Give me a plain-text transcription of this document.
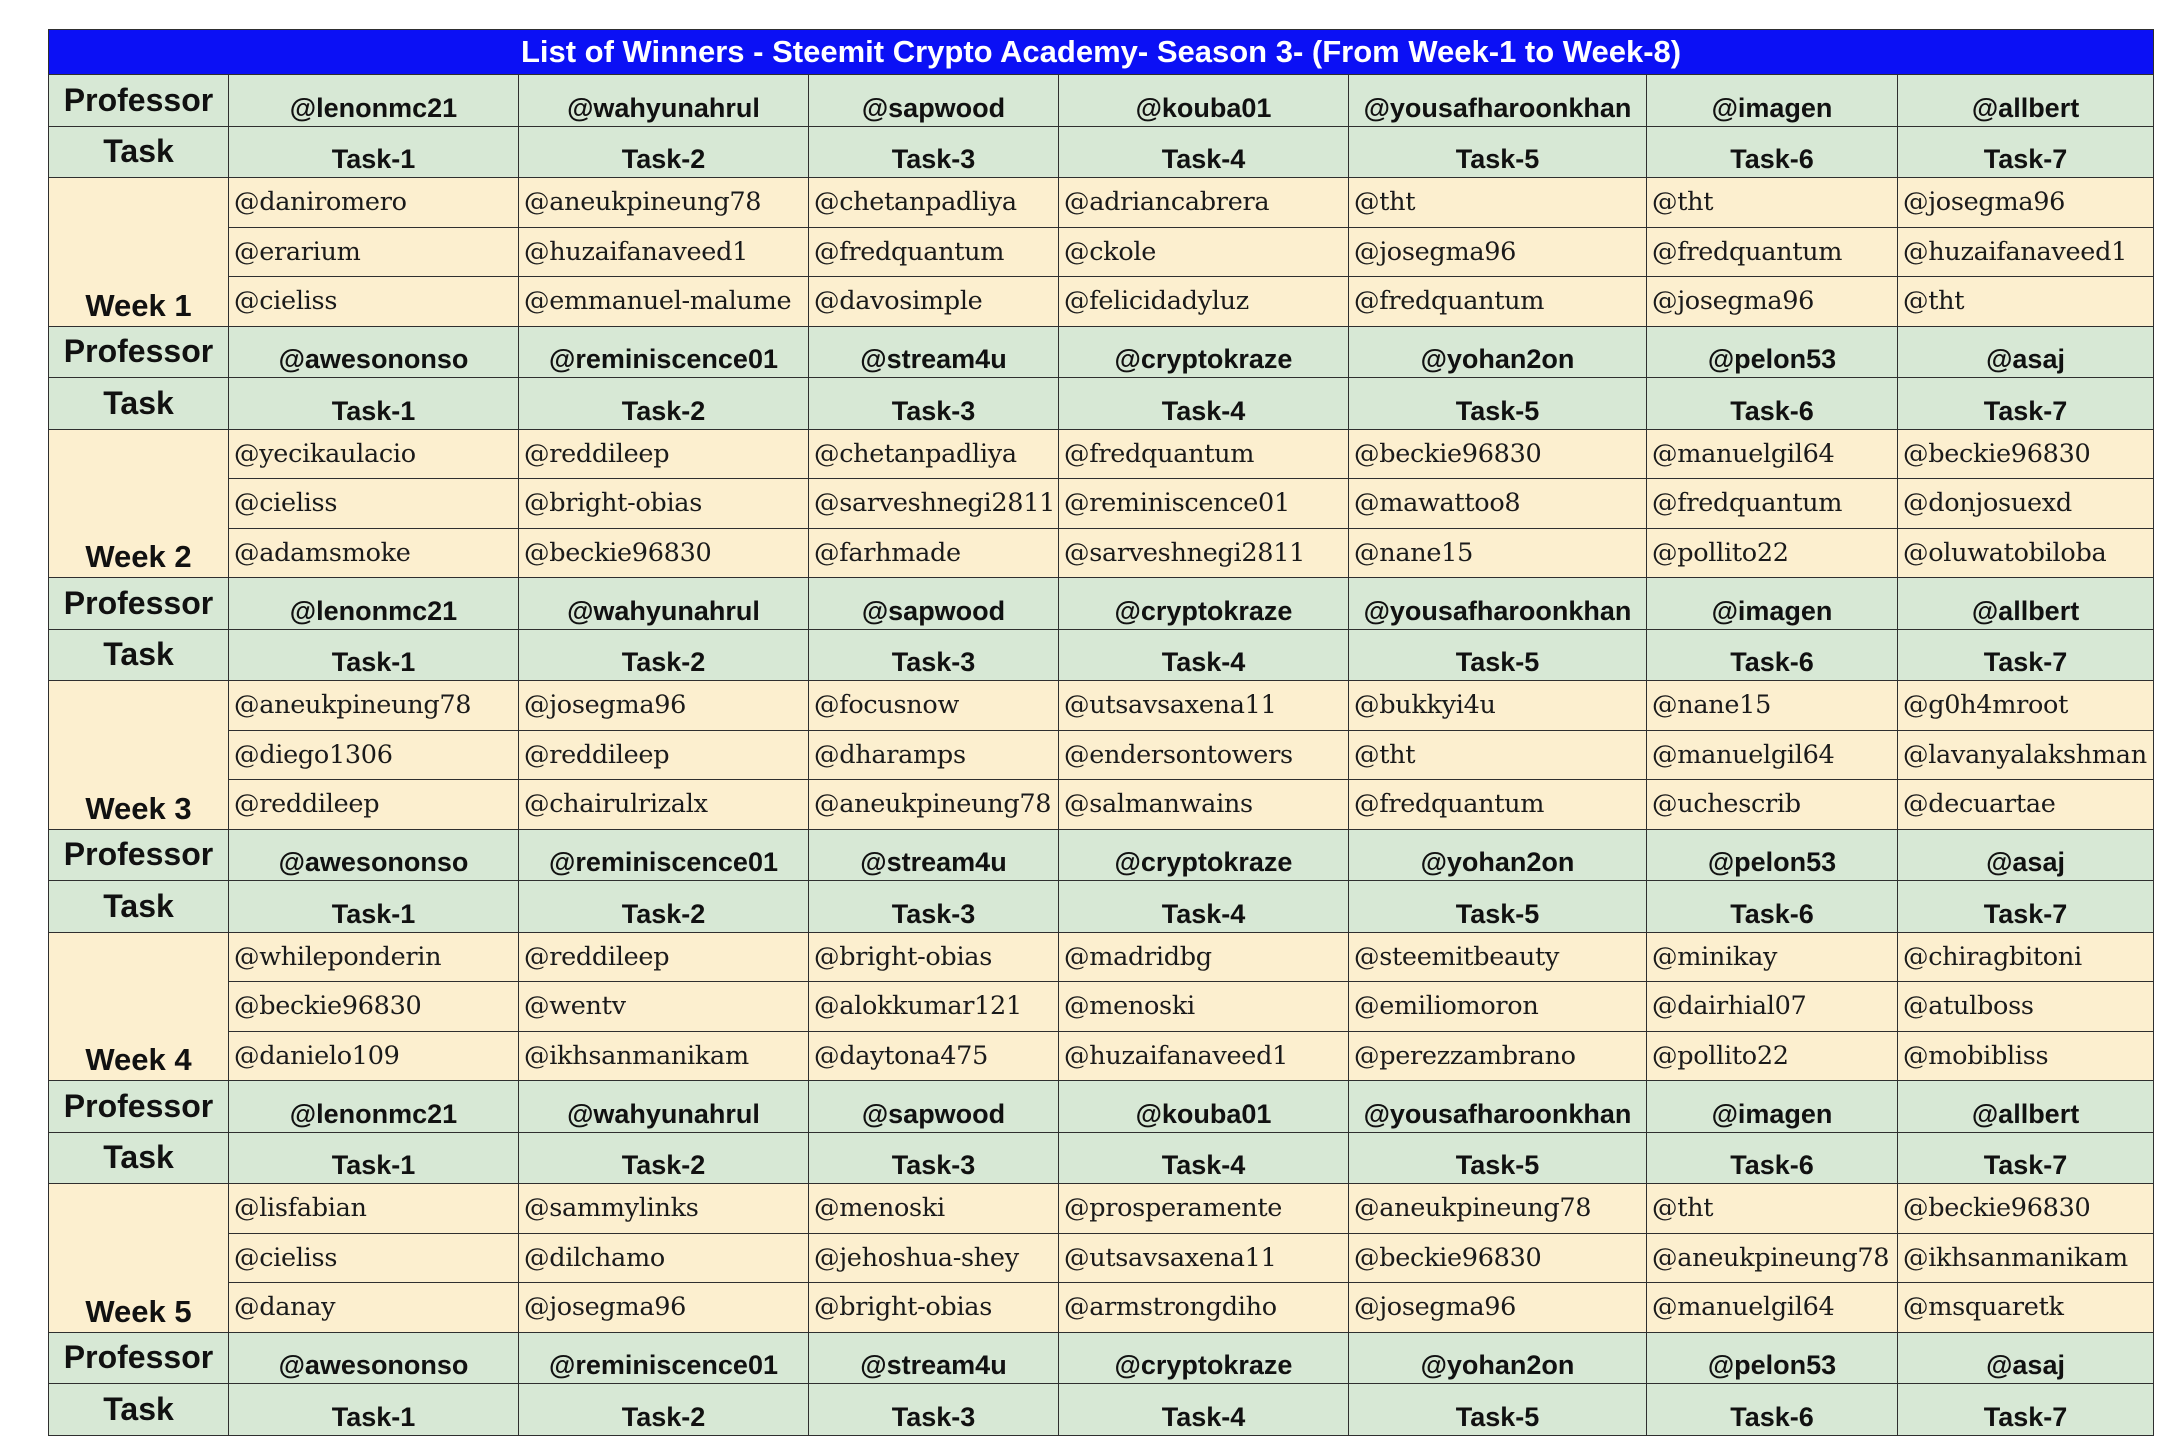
List of Winners - Steemit Crypto Academy- Season 3- (From Week-1 to Week-8)							
Professor	@lenonmc21	@wahyunahrul	@sapwood	@kouba01	@yousafharoonkhan	@imagen	@allbert
Task	Task-1	Task-2	Task-3	Task-4	Task-5	Task-6	Task-7
Week 1	@daniromero	@aneukpineung78	@chetanpadliya	@adriancabrera	@tht	@tht	@josegma96
	@erarium	@huzaifanaveed1	@fredquantum	@ckole	@josegma96	@fredquantum	@huzaifanaveed1
	@cieliss	@emmanuel-malume	@davosimple	@felicidadyluz	@fredquantum	@josegma96	@tht
Professor	@awesononso	@reminiscence01	@stream4u	@cryptokraze	@yohan2on	@pelon53	@asaj
Task	Task-1	Task-2	Task-3	Task-4	Task-5	Task-6	Task-7
Week 2	@yecikaulacio	@reddileep	@chetanpadliya	@fredquantum	@beckie96830	@manuelgil64	@beckie96830
	@cieliss	@bright-obias	@sarveshnegi2811	@reminiscence01	@mawattoo8	@fredquantum	@donjosuexd
	@adamsmoke	@beckie96830	@farhmade	@sarveshnegi2811	@nane15	@pollito22	@oluwatobiloba
Professor	@lenonmc21	@wahyunahrul	@sapwood	@cryptokraze	@yousafharoonkhan	@imagen	@allbert
Task	Task-1	Task-2	Task-3	Task-4	Task-5	Task-6	Task-7
Week 3	@aneukpineung78	@josegma96	@focusnow	@utsavsaxena11	@bukkyi4u	@nane15	@g0h4mroot
	@diego1306	@reddileep	@dharamps	@endersontowers	@tht	@manuelgil64	@lavanyalakshman
	@reddileep	@chairulrizalx	@aneukpineung78	@salmanwains	@fredquantum	@uchescrib	@decuartae
Professor	@awesononso	@reminiscence01	@stream4u	@cryptokraze	@yohan2on	@pelon53	@asaj
Task	Task-1	Task-2	Task-3	Task-4	Task-5	Task-6	Task-7
Week 4	@whileponderin	@reddileep	@bright-obias	@madridbg	@steemitbeauty	@minikay	@chiragbitoni
	@beckie96830	@wentv	@alokkumar121	@menoski	@emiliomoron	@dairhial07	@atulboss
	@danielo109	@ikhsanmanikam	@daytona475	@huzaifanaveed1	@perezzambrano	@pollito22	@mobibliss
Professor	@lenonmc21	@wahyunahrul	@sapwood	@kouba01	@yousafharoonkhan	@imagen	@allbert
Task	Task-1	Task-2	Task-3	Task-4	Task-5	Task-6	Task-7
Week 5	@lisfabian	@sammylinks	@menoski	@prosperamente	@aneukpineung78	@tht	@beckie96830
	@cieliss	@dilchamo	@jehoshua-shey	@utsavsaxena11	@beckie96830	@aneukpineung78	@ikhsanmanikam
	@danay	@josegma96	@bright-obias	@armstrongdiho	@josegma96	@manuelgil64	@msquaretk
Professor	@awesononso	@reminiscence01	@stream4u	@cryptokraze	@yohan2on	@pelon53	@asaj
Task	Task-1	Task-2	Task-3	Task-4	Task-5	Task-6	Task-7
